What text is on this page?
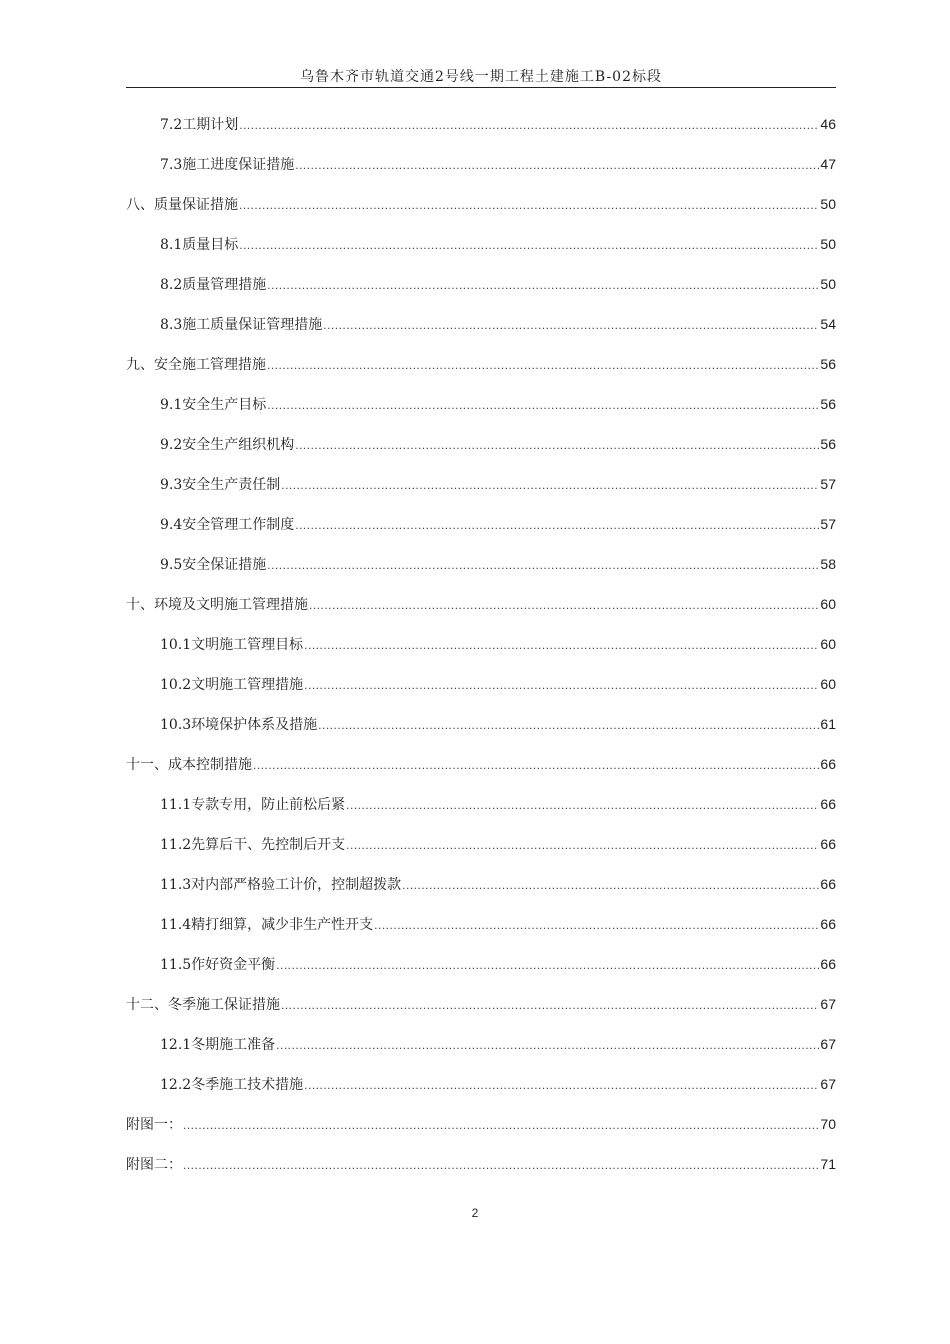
乌鲁木齐市轨道交通2号线一期工程土建施工B-02标段
7.2工期计划 .....	46
7.3施工进度保证措施 .....	47
八、质量保证措施 .....	50
8.1质量目标 .....	50
8.2质量管理措施 .....	50
8.3施工质量保证管理措施 .....	54
九、安全施工管理措施 .....	56
9.1安全生产目标 .....	56
9.2安全生产组织机构 .....	56
9.3安全生产责任制 .....	57
9.4安全管理工作制度 .....	57
9.5安全保证措施 .....	58
十、环境及文明施工管理措施 .....	60
10.1文明施工管理目标 .....	60
10.2文明施工管理措施 .....	60
10.3环境保护体系及措施 .....	61
十一、成本控制措施 .....	66
11.1专款专用，防止前松后紧 .....	66
11.2先算后干、先控制后开支 .....	66
11.3对内部严格验工计价，控制超拨款 .....	66
11.4精打细算，减少非生产性开支 .....	66
11.5作好资金平衡 .....	66
十二、冬季施工保证措施 .....	67
12.1冬期施工准备 .....	67
12.2冬季施工技术措施 .....	67
附图一： .....	70
附图二： .....	71
2
